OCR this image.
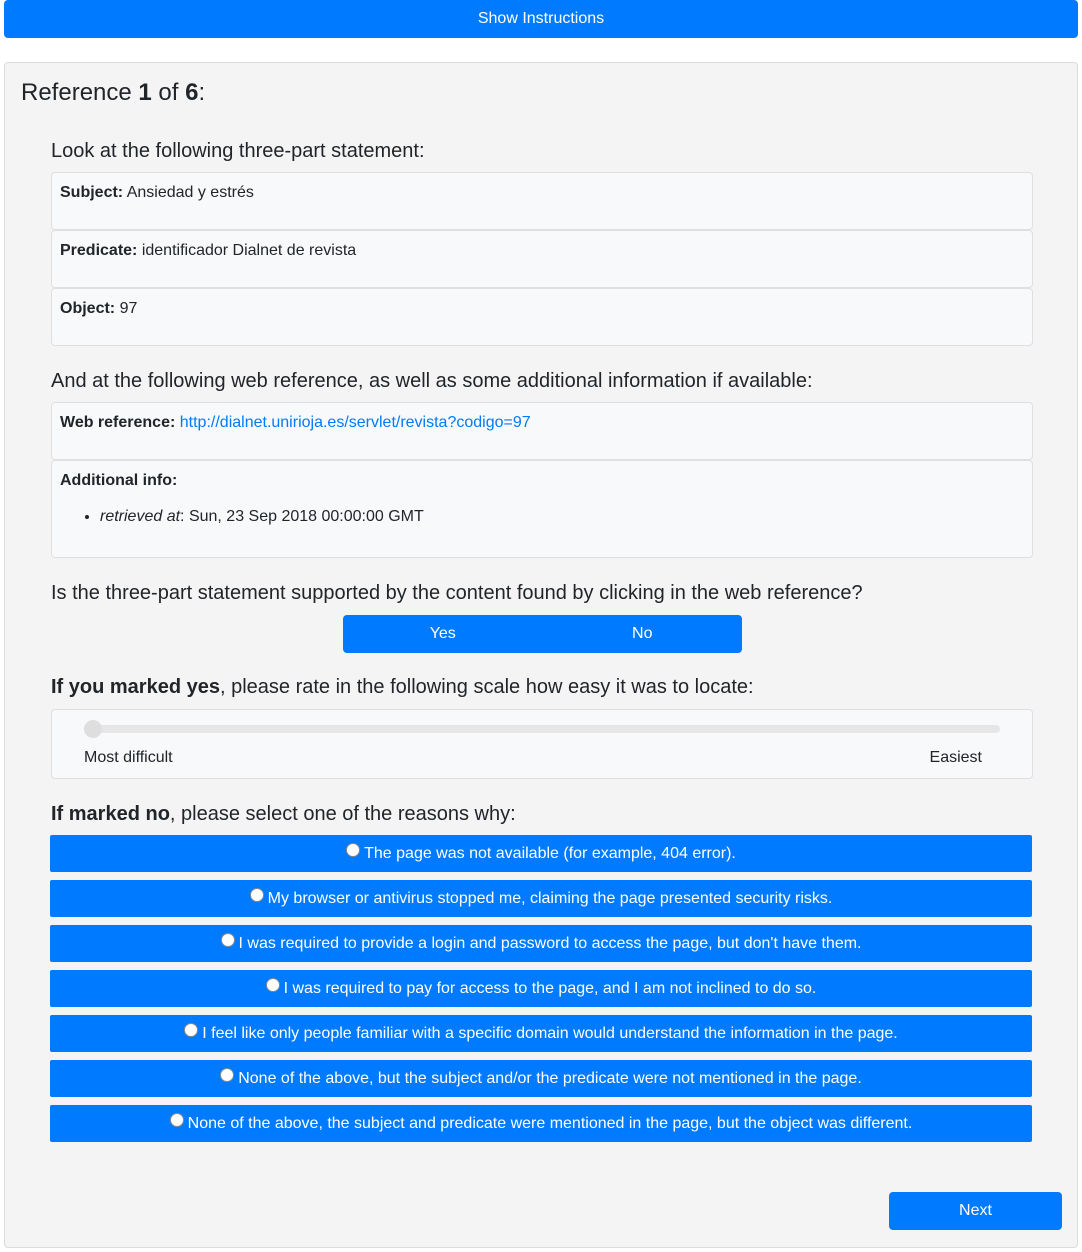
Show Instructions
Reference 1 of 6:

Look at the following three-part statement:

Subject: Ansiedad y estrés
Predicate: identificador Dialnet de revista
Object: 97

And at the following web reference, as well as some additional information if available:

Web reference: http://dialnet.unirioja.es/servlet/revista?codigo=97
Additional info:
• retrieved at: Sun, 23 Sep 2018 00:00:00 GMT

Is the three-part statement supported by the content found by clicking in the web reference?

Yes	No

If you marked yes, please rate in the following scale how easy it was to locate:

Most difficult	Easiest

If marked no, please select one of the reasons why:

The page was not available (for example, 404 error).
My browser or antivirus stopped me, claiming the page presented security risks.
I was required to provide a login and password to access the page, but don't have them.
I was required to pay for access to the page, and I am not inclined to do so.
I feel like only people familiar with a specific domain would understand the information in the page.
None of the above, but the subject and/or the predicate were not mentioned in the page.
None of the above, the subject and predicate were mentioned in the page, but the object was different.
Next
